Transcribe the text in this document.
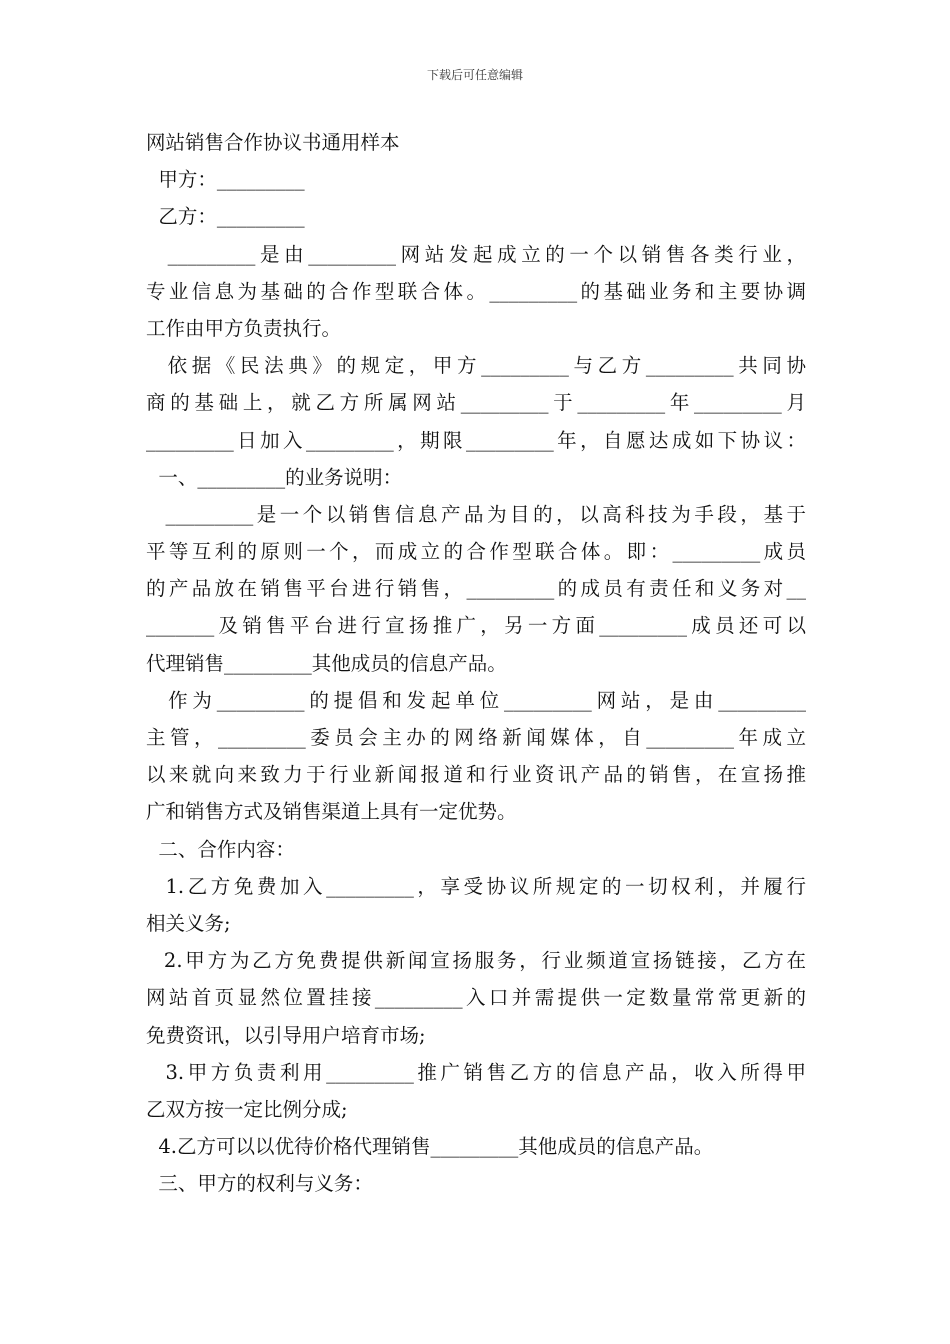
下载后可任意编辑
网站销售合作协议书通用样本
甲方：_________
乙方：_________
_________是由_________网站发起成立的一个以销售各类行业，
专业信息为基础的合作型联合体。_________的基础业务和主要协调
工作由甲方负责执行。
依据《民法典》的规定，甲方_________与乙方_________共同协
商的基础上，就乙方所属网站_________于_________年_________月
_________日加入_________，期限_________年，自愿达成如下协议：
一、_________的业务说明：
_________是一个以销售信息产品为目的，以高科技为手段，基于
平等互利的原则一个，而成立的合作型联合体。即：_________成员
的产品放在销售平台进行销售，_________的成员有责任和义务对__
_______及销售平台进行宣扬推广，另一方面_________成员还可以
代理销售_________其他成员的信息产品。
作为_________的提倡和发起单位_________网站，是由_________
主管，_________委员会主办的网络新闻媒体，自_________年成立
以来就向来致力于行业新闻报道和行业资讯产品的销售，在宣扬推
广和销售方式及销售渠道上具有一定优势。
二、合作内容：
1.乙方免费加入_________，享受协议所规定的一切权利，并履行
相关义务;
2.甲方为乙方免费提供新闻宣扬服务，行业频道宣扬链接，乙方在
网站首页显然位置挂接_________入口并需提供一定数量常常更新的
免费资讯，以引导用户培育市场;
3.甲方负责利用_________推广销售乙方的信息产品，收入所得甲
乙双方按一定比例分成;
4.乙方可以以优待价格代理销售_________其他成员的信息产品。
三、甲方的权利与义务：
